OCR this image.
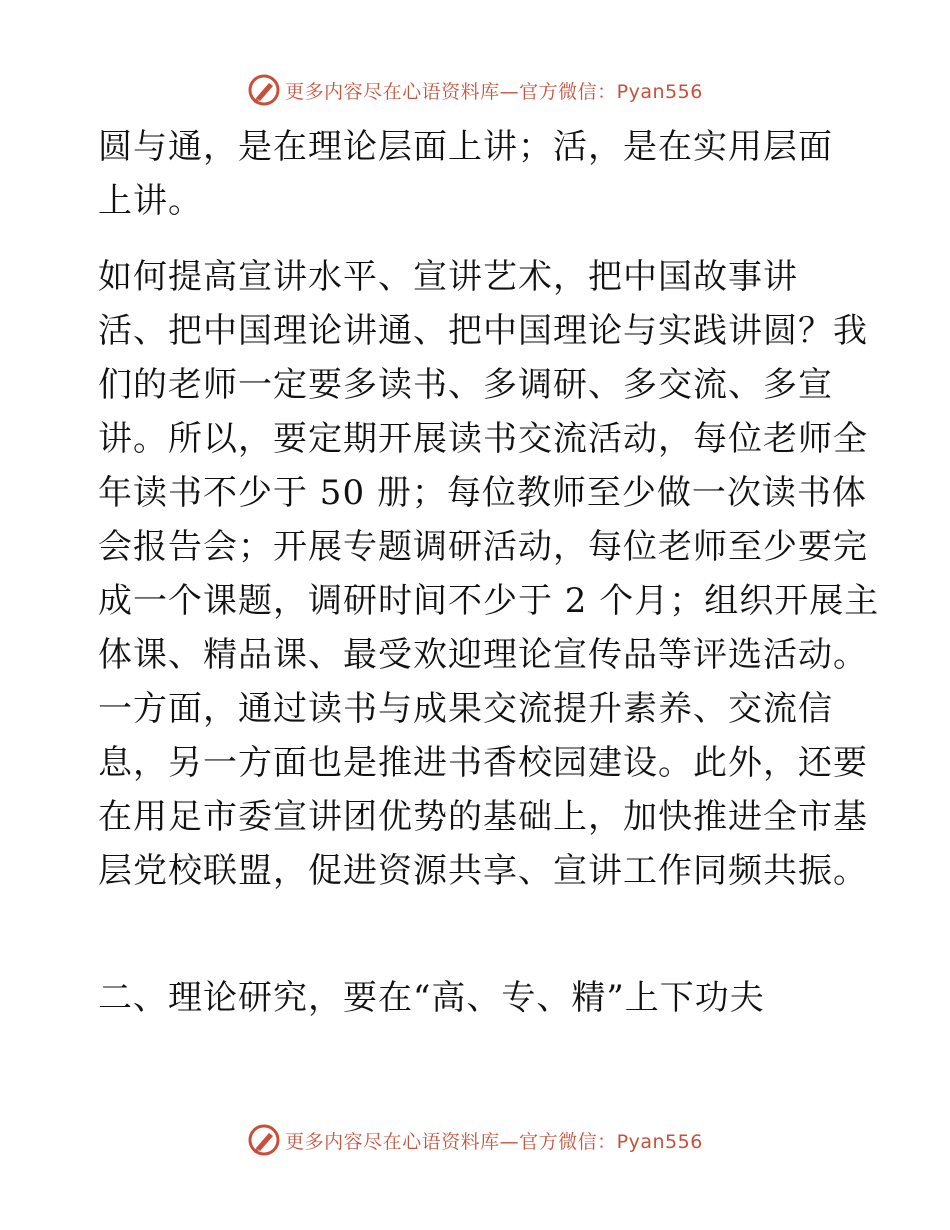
更多内容尽在心语资料库—官方微信：Pyan556
圆与通，是在理论层面上讲；活，是在实用层面
上讲。
如何提高宣讲水平、宣讲艺术，把中国故事讲
活、把中国理论讲通、把中国理论与实践讲圆？我
们的老师一定要多读书、多调研、多交流、多宣
讲。所以，要定期开展读书交流活动，每位老师全
年读书不少于 50 册；每位教师至少做一次读书体
会报告会；开展专题调研活动，每位老师至少要完
成一个课题，调研时间不少于 2 个月；组织开展主
体课、精品课、最受欢迎理论宣传品等评选活动。
一方面，通过读书与成果交流提升素养、交流信
息，另一方面也是推进书香校园建设。此外，还要
在用足市委宣讲团优势的基础上，加快推进全市基
层党校联盟，促进资源共享、宣讲工作同频共振。
二、理论研究，要在“高、专、精”上下功夫
更多内容尽在心语资料库—官方微信：Pyan556
